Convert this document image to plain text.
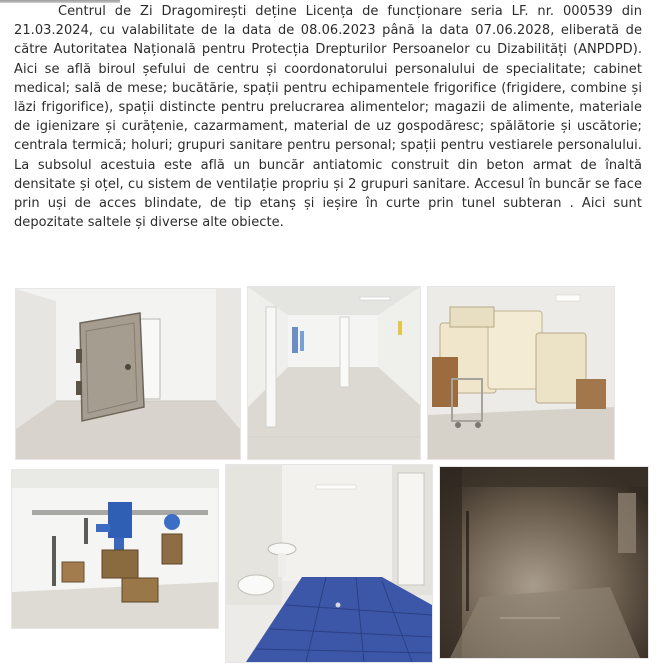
Centrul de Zi Dragomirești deține Licența de funcționare seria LF. nr. 000539 din 21.03.2024, cu valabilitate de la data de 08.06.2023 până la data 07.06.2028, eliberată de către Autoritatea Națională pentru Protecția Drepturilor Persoanelor cu Dizabilități (ANPDPD). Aici se află biroul șefului de centru și coordonatorului personalului de specialitate; cabinet medical; sală de mese; bucătărie, spații pentru echipamentele frigorifice (frigidere, combine și lăzi frigorifice), spații distincte pentru prelucrarea alimentelor; magazii de alimente, materiale de igienizare și curățenie, cazarmament, material de uz gospodăresc; spălătorie și uscătorie; centrala termică; holuri; grupuri sanitare pentru personal; spații pentru vestiarele personalului. La subsolul acestuia este află un buncăr antiatomic construit din beton armat de înaltă densitate și oțel, cu sistem de ventilație propriu și 2 grupuri sanitare. Accesul în buncăr se face prin uși de acces blindate, de tip etanș și ieșire în curte prin tunel subteran . Aici sunt depozitate saltele și diverse alte obiecte.
